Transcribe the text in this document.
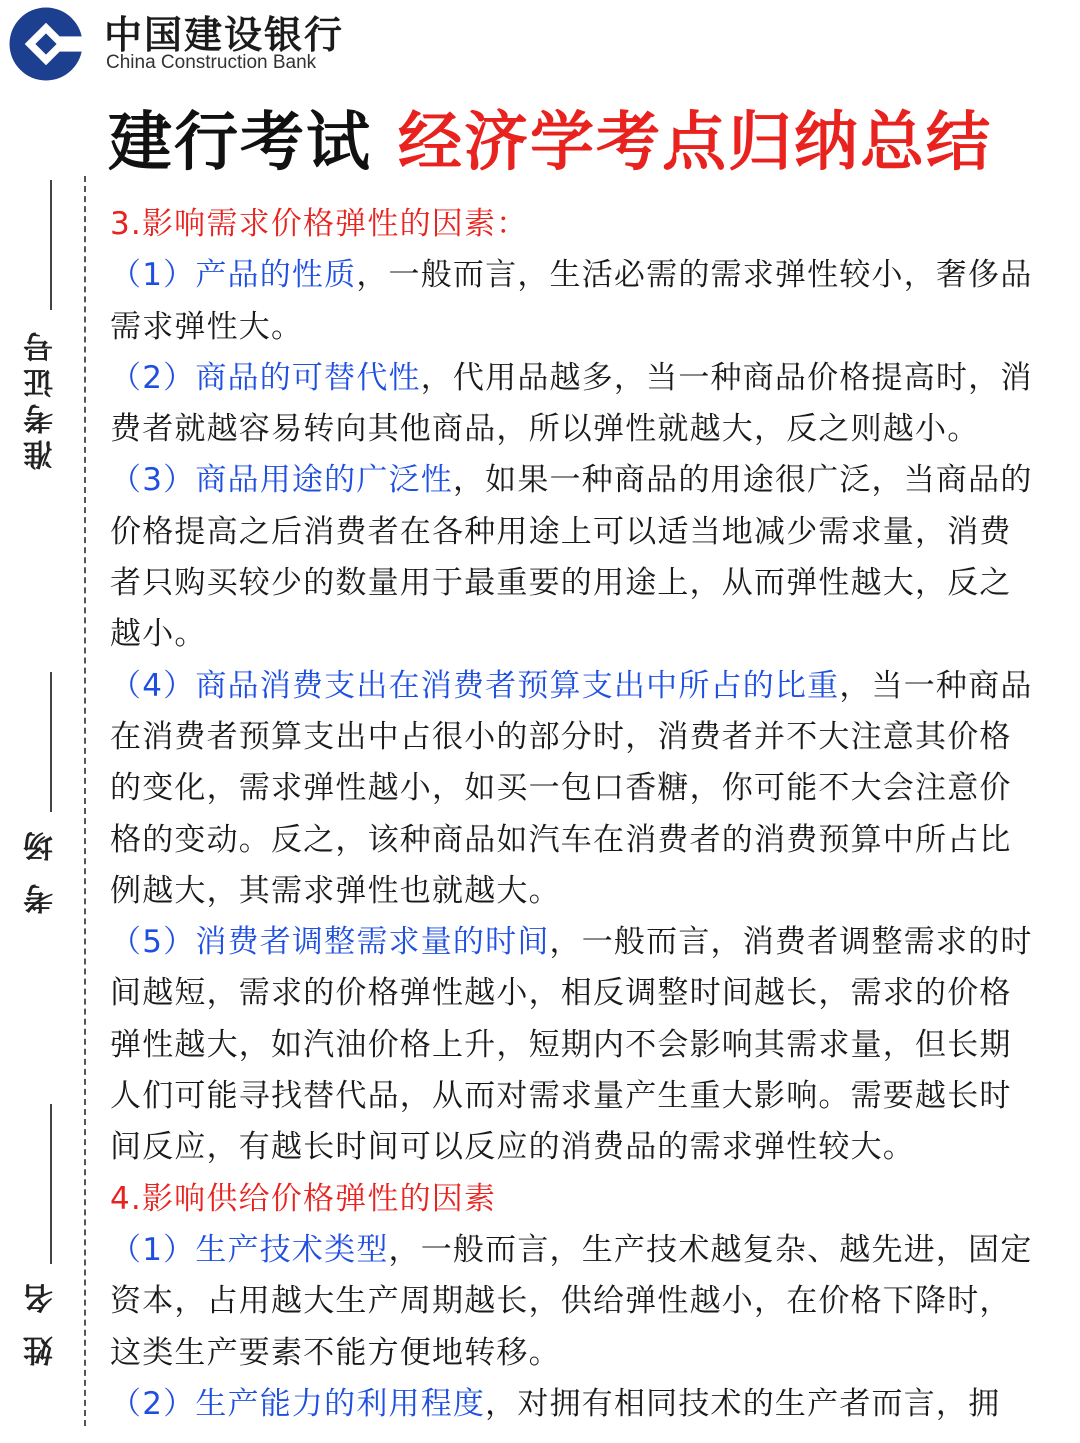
中国建设银行
China Construction Bank
建行考试 经济学考点归纳总结
准考证号
考 场
姓 名

3.影响需求价格弹性的因素：

（1）产品的性质，一般而言，生活必需的需求弹性较小，奢侈品需求弹性大。

（2）商品的可替代性，代用品越多，当一种商品价格提高时，消费者就越容易转向其他商品，所以弹性就越大，反之则越小。

（3）商品用途的广泛性，如果一种商品的用途很广泛，当商品的价格提高之后消费者在各种用途上可以适当地减少需求量，消费者只购买较少的数量用于最重要的用途上，从而弹性越大，反之越小。

（4）商品消费支出在消费者预算支出中所占的比重，当一种商品在消费者预算支出中占很小的部分时，消费者并不大注意其价格的变化，需求弹性越小，如买一包口香糖，你可能不大会注意价格的变动。反之，该种商品如汽车在消费者的消费预算中所占比例越大，其需求弹性也就越大。

（5）消费者调整需求量的时间，一般而言，消费者调整需求的时间越短，需求的价格弹性越小，相反调整时间越长，需求的价格弹性越大，如汽油价格上升，短期内不会影响其需求量，但长期人们可能寻找替代品，从而对需求量产生重大影响。需要越长时间反应，有越长时间可以反应的消费品的需求弹性较大。

4.影响供给价格弹性的因素

（1）生产技术类型，一般而言，生产技术越复杂、越先进，固定资本，占用越大生产周期越长，供给弹性越小，在价格下降时，这类生产要素不能方便地转移。

（2）生产能力的利用程度，对拥有相同技术的生产者而言，拥
